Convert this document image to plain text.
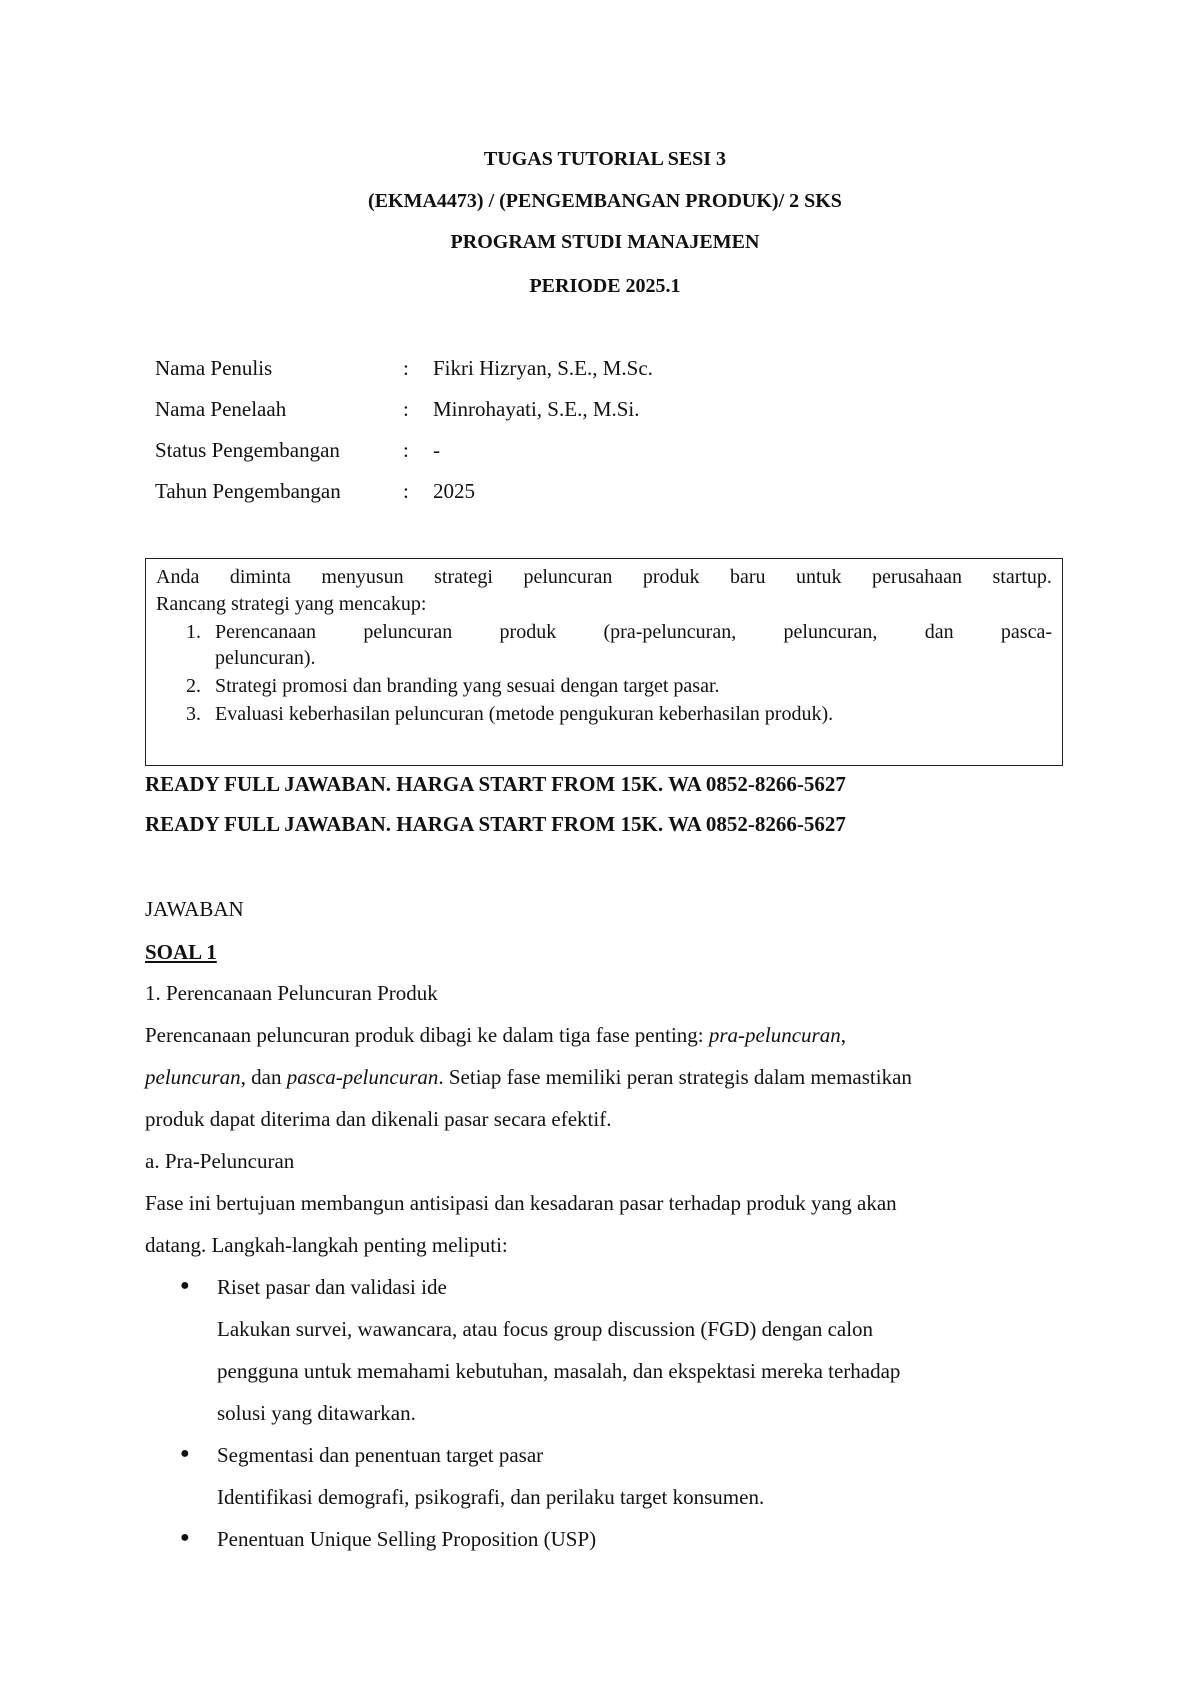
TUGAS TUTORIAL SESI 3
(EKMA4473) / (PENGEMBANGAN PRODUK)/ 2 SKS
PROGRAM STUDI MANAJEMEN
PERIODE 2025.1
Nama Penulis	: Fikri Hizryan, S.E., M.Sc.
Nama Penelaah	: Minrohayati, S.E., M.Si.
Status Pengembangan	: -
Tahun Pengembangan	: 2025
Anda diminta menyusun strategi peluncuran produk baru untuk perusahaan startup.
Rancang strategi yang mencakup:
1. Perencanaan peluncuran produk (pra-peluncuran, peluncuran, dan pasca-
peluncuran).
2. Strategi promosi dan branding yang sesuai dengan target pasar.
3. Evaluasi keberhasilan peluncuran (metode pengukuran keberhasilan produk).
READY FULL JAWABAN. HARGA START FROM 15K. WA 0852-8266-5627
READY FULL JAWABAN. HARGA START FROM 15K. WA 0852-8266-5627
JAWABAN
SOAL 1
1. Perencanaan Peluncuran Produk
Perencanaan peluncuran produk dibagi ke dalam tiga fase penting: pra-peluncuran,
peluncuran, dan pasca-peluncuran. Setiap fase memiliki peran strategis dalam memastikan
produk dapat diterima dan dikenali pasar secara efektif.
a. Pra-Peluncuran
Fase ini bertujuan membangun antisipasi dan kesadaran pasar terhadap produk yang akan
datang. Langkah-langkah penting meliputi:
● Riset pasar dan validasi ide
Lakukan survei, wawancara, atau focus group discussion (FGD) dengan calon
pengguna untuk memahami kebutuhan, masalah, dan ekspektasi mereka terhadap
solusi yang ditawarkan.
● Segmentasi dan penentuan target pasar
Identifikasi demografi, psikografi, dan perilaku target konsumen.
● Penentuan Unique Selling Proposition (USP)
